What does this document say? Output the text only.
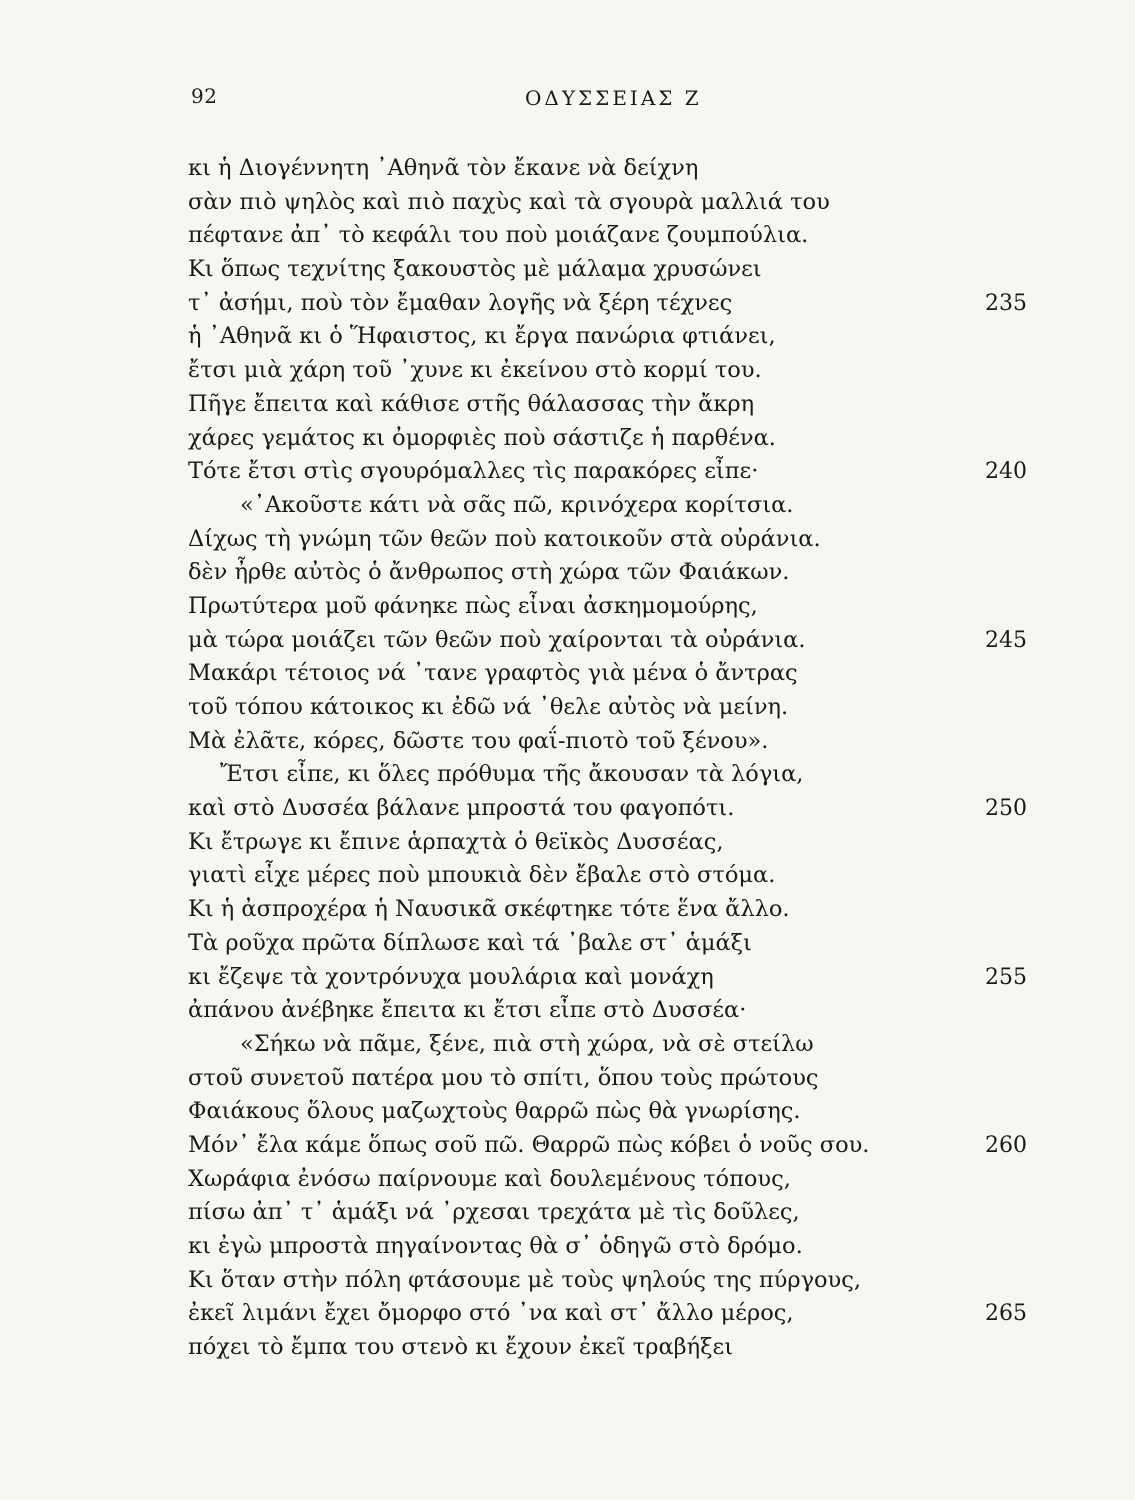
92	ΟΔΥΣΣΕΙΑΣ Ζ
κι ἡ Διογέννητη ᾿Αθηνᾶ τὸν ἔκανε νὰ δείχνη
σὰν πιὸ ψηλὸς καὶ πιὸ παχὺς καὶ τὰ σγουρὰ μαλλιά του
πέφτανε ἀπ᾿ τὸ κεφάλι του ποὺ μοιάζανε ζουμπούλια.
Κι ὅπως τεχνίτης ξακουστὸς μὲ μάλαμα χρυσώνει
τ᾿ ἀσήμι, ποὺ τὸν ἔμαθαν λογῆς νὰ ξέρη τέχνες	235
ἡ ᾿Αθηνᾶ κι ὁ Ἥφαιστος, κι ἔργα πανώρια φτιάνει,
ἔτσι μιὰ χάρη τοῦ ᾿χυνε κι ἐκείνου στὸ κορμί του.
Πῆγε ἔπειτα καὶ κάθισε στῆς θάλασσας τὴν ἄκρη
χάρες γεμάτος κι ὀμορφιὲς ποὺ σάστιζε ἡ παρθένα.
Τότε ἔτσι στὶς σγουρόμαλλες τὶς παρακόρες εἶπε·	240
«᾿Ακοῦστε κάτι νὰ σᾶς πῶ, κρινόχερα κορίτσια.
Δίχως τὴ γνώμη τῶν θεῶν ποὺ κατοικοῦν στὰ οὐράνια.
δὲν ἦρθε αὐτὸς ὁ ἄνθρωπος στὴ χώρα τῶν Φαιάκων.
Πρωτύτερα μοῦ φάνηκε πὼς εἶναι ἀσκημομούρης,
μὰ τώρα μοιάζει τῶν θεῶν ποὺ χαίρονται τὰ οὐράνια.	245
Μακάρι τέτοιος νά ᾿τανε γραφτὸς γιὰ μένα ὁ ἄντρας
τοῦ τόπου κάτοικος κι ἐδῶ νά ᾿θελε αὐτὸς νὰ μείνη.
Μὰ ἐλᾶτε, κόρες, δῶστε του φαΐ-πιοτὸ τοῦ ξένου».
Ἔτσι εἶπε, κι ὅλες πρόθυμα τῆς ἄκουσαν τὰ λόγια,
καὶ στὸ Δυσσέα βάλανε μπροστά του φαγοπότι.	250
Κι ἔτρωγε κι ἔπινε ἁρπαχτὰ ὁ θεϊκὸς Δυσσέας,
γιατὶ εἶχε μέρες ποὺ μπουκιὰ δὲν ἔβαλε στὸ στόμα.
Κι ἡ ἀσπροχέρα ἡ Ναυσικᾶ σκέφτηκε τότε ἕνα ἄλλο.
Τὰ ροῦχα πρῶτα δίπλωσε καὶ τά ᾿βαλε στ᾿ ἁμάξι
κι ἔζεψε τὰ χοντρόνυχα μουλάρια καὶ μονάχη	255
ἀπάνου ἀνέβηκε ἔπειτα κι ἔτσι εἶπε στὸ Δυσσέα·
«Σήκω νὰ πᾶμε, ξένε, πιὰ στὴ χώρα, νὰ σὲ στείλω
στοῦ συνετοῦ πατέρα μου τὸ σπίτι, ὅπου τοὺς πρώτους
Φαιάκους ὅλους μαζωχτοὺς θαρρῶ πὼς θὰ γνωρίσης.
Μόν᾿ ἔλα κάμε ὅπως σοῦ πῶ. Θαρρῶ πὼς κόβει ὁ νοῦς σου.	260
Χωράφια ἐνόσω παίρνουμε καὶ δουλεμένους τόπους,
πίσω ἀπ᾿ τ᾿ ἁμάξι νά ᾿ρχεσαι τρεχάτα μὲ τὶς δοῦλες,
κι ἐγὼ μπροστὰ πηγαίνοντας θὰ σ᾿ ὁδηγῶ στὸ δρόμο.
Κι ὅταν στὴν πόλη φτάσουμε μὲ τοὺς ψηλούς της πύργους,
ἐκεῖ λιμάνι ἔχει ὄμορφο στό ᾿να καὶ στ᾿ ἄλλο μέρος,	265
πόχει τὸ ἔμπα του στενὸ κι ἔχουν ἐκεῖ τραβήξει
